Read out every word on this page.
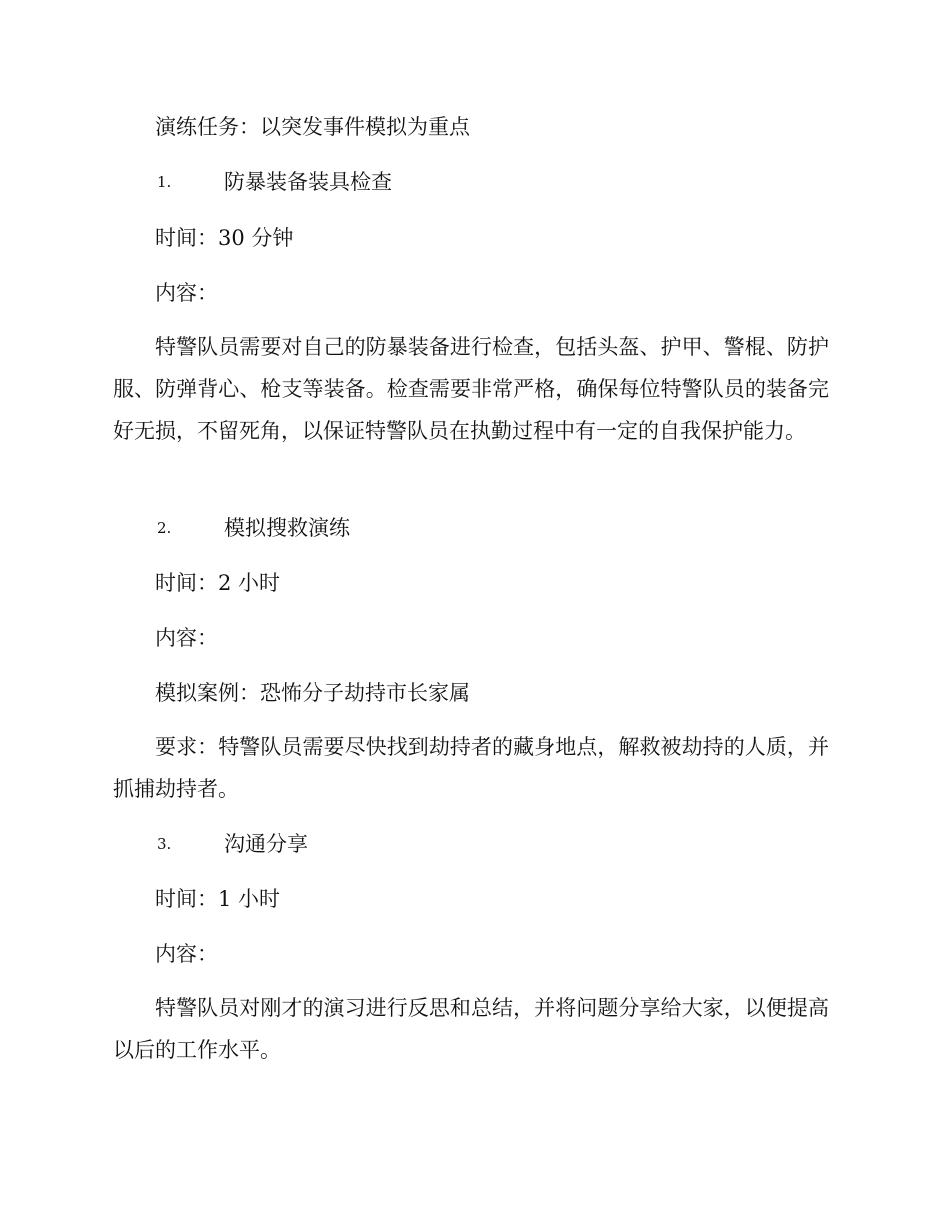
演练任务：以突发事件模拟为重点
1.	防暴装备装具检查
时间：30 分钟
内容：
特警队员需要对自己的防暴装备进行检查，包括头盔、护甲、警棍、防护服、防弹背心、枪支等装备。检查需要非常严格，确保每位特警队员的装备完好无损，不留死角，以保证特警队员在执勤过程中有一定的自我保护能力。
2.	模拟搜救演练
时间：2 小时
内容：
模拟案例：恐怖分子劫持市长家属
要求：特警队员需要尽快找到劫持者的藏身地点，解救被劫持的人质，并抓捕劫持者。
3.	沟通分享
时间：1 小时
内容：
特警队员对刚才的演习进行反思和总结，并将问题分享给大家，以便提高以后的工作水平。
